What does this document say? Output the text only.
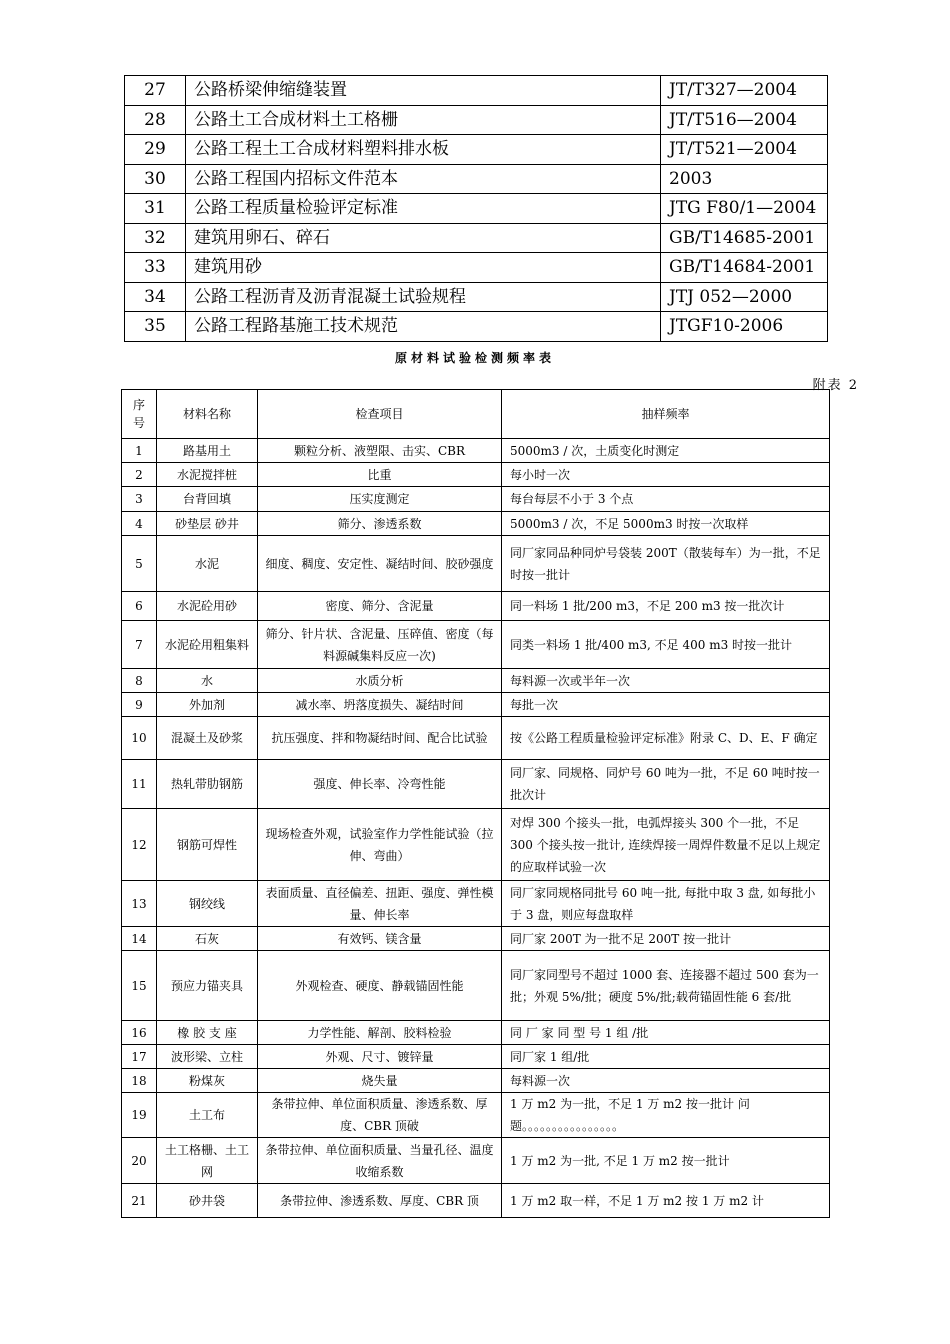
27	公路桥梁伸缩缝装置	JT/T327—2004
28	公路土工合成材料土工格栅	JT/T516—2004
29	公路工程土工合成材料塑料排水板	JT/T521—2004
30	公路工程国内招标文件范本	2003
31	公路工程质量检验评定标准	JTG F80/1—2004
32	建筑用卵石、碎石	GB/T14685-2001
33	建筑用砂	GB/T14684-2001
34	公路工程沥青及沥青混凝土试验规程	JTJ 052—2000
35	公路工程路基施工技术规范	JTGF10-2006
原材料试验检测频率表
附表 2
序号	材料名称	检查项目	抽样频率
1	路基用土	颗粒分析、液塑限、击实、CBR	5000m3 / 次，土质变化时测定
2	水泥搅拌桩	比重	每小时一次
3	台背回填	压实度测定	每台每层不小于 3 个点
4	砂垫层 砂井	筛分、渗透系数	5000m3 / 次，不足 5000m3 时按一次取样
5	水泥	细度、稠度、安定性、凝结时间、胶砂强度	同厂家同品种同炉号袋装 200T（散装每车）为一批，不足时按一批计
6	水泥砼用砂	密度、筛分、含泥量	同一料场 1 批/200 m3，不足 200 m3 按一批次计
7	水泥砼用粗集料	筛分、针片状、含泥量、压碎值、密度（每料源碱集料反应一次)	同类一料场 1 批/400 m3, 不足 400 m3 时按一批计
8	水	水质分析	每料源一次或半年一次
9	外加剂	减水率、坍落度损失、凝结时间	每批一次
10	混凝土及砂浆	抗压强度、拌和物凝结时间、配合比试验	按《公路工程质量检验评定标准》附录 C、D、E、F 确定
11	热轧带肋钢筋	强度、伸长率、冷弯性能	同厂家、同规格、同炉号 60 吨为一批，不足 60 吨时按一批次计
12	钢筋可焊性	现场检查外观，试验室作力学性能试验（拉伸、弯曲）	对焊 300 个接头一批，电弧焊接头 300 个一批，不足 300 个接头按一批计, 连续焊接一周焊件数量不足以上规定的应取样试验一次
13	钢绞线	表面质量、直径偏差、扭距、强度、弹性模量、伸长率	同厂家同规格同批号 60 吨一批, 每批中取 3 盘, 如每批小于 3 盘，则应每盘取样
14	石灰	有效钙、镁含量	同厂家 200T 为一批不足 200T 按一批计
15	预应力锚夹具	外观检查、硬度、静载锚固性能	同厂家同型号不超过 1000 套、连接器不超过 500 套为一批；外观 5%/批；硬度 5%/批;载荷锚固性能 6 套/批
16	橡 胶 支 座	力学性能、解剖、胶料检验	同 厂 家 同 型 号 1 组 /批
17	波形梁、立柱	外观、尺寸、镀锌量	同厂家 1 组/批
18	粉煤灰	烧失量	每料源一次
19	土工布	条带拉伸、单位面积质量、渗透系数、厚度、CBR 顶破	1 万 m2 为一批，不足 1 万 m2 按一批计 问题。。。。。。。。。。。。。。。。
20	土工格栅、土工网	条带拉伸、单位面积质量、当量孔径、温度收缩系数	1 万 m2 为一批, 不足 1 万 m2 按一批计
21	砂井袋	条带拉伸、渗透系数、厚度、CBR 顶	1 万 m2 取一样，不足 1 万 m2 按 1 万 m2 计
